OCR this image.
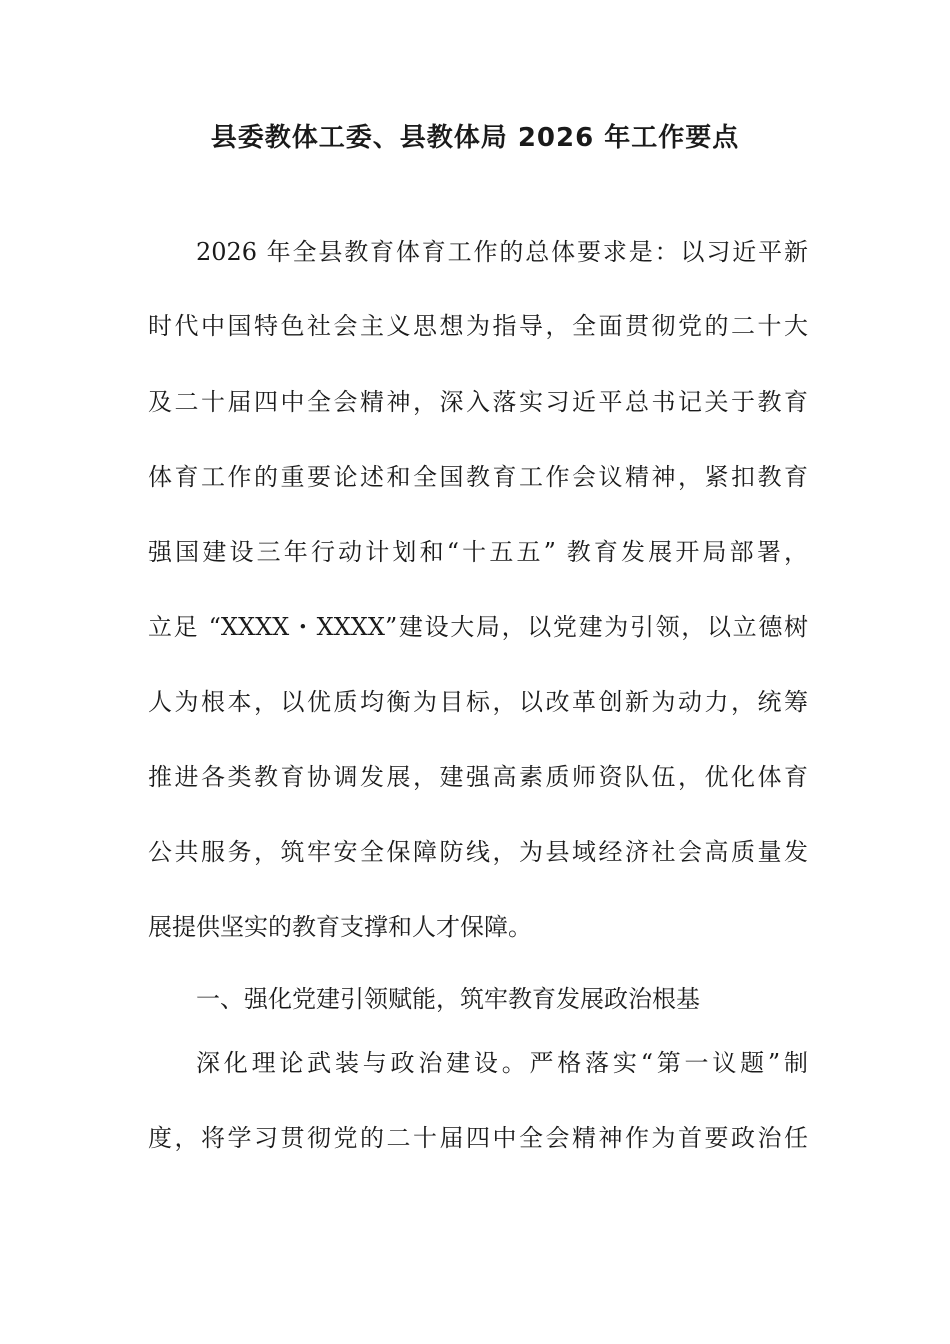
县委教体工委、县教体局 2026 年工作要点
2026 年全县教育体育工作的总体要求是：以习近平新
时代中国特色社会主义思想为指导，全面贯彻党的二十大
及二十届四中全会精神，深入落实习近平总书记关于教育
体育工作的重要论述和全国教育工作会议精神，紧扣教育
强国建设三年行动计划和“十五五” 教育发展开局部署，
立足 “XXXX・XXXX”建设大局，以党建为引领，以立德树
人为根本，以优质均衡为目标，以改革创新为动力，统筹
推进各类教育协调发展，建强高素质师资队伍，优化体育
公共服务，筑牢安全保障防线，为县域经济社会高质量发
展提供坚实的教育支撑和人才保障。
一、强化党建引领赋能，筑牢教育发展政治根基
深化理论武装与政治建设。严格落实“第一议题”制
度，将学习贯彻党的二十届四中全会精神作为首要政治任
